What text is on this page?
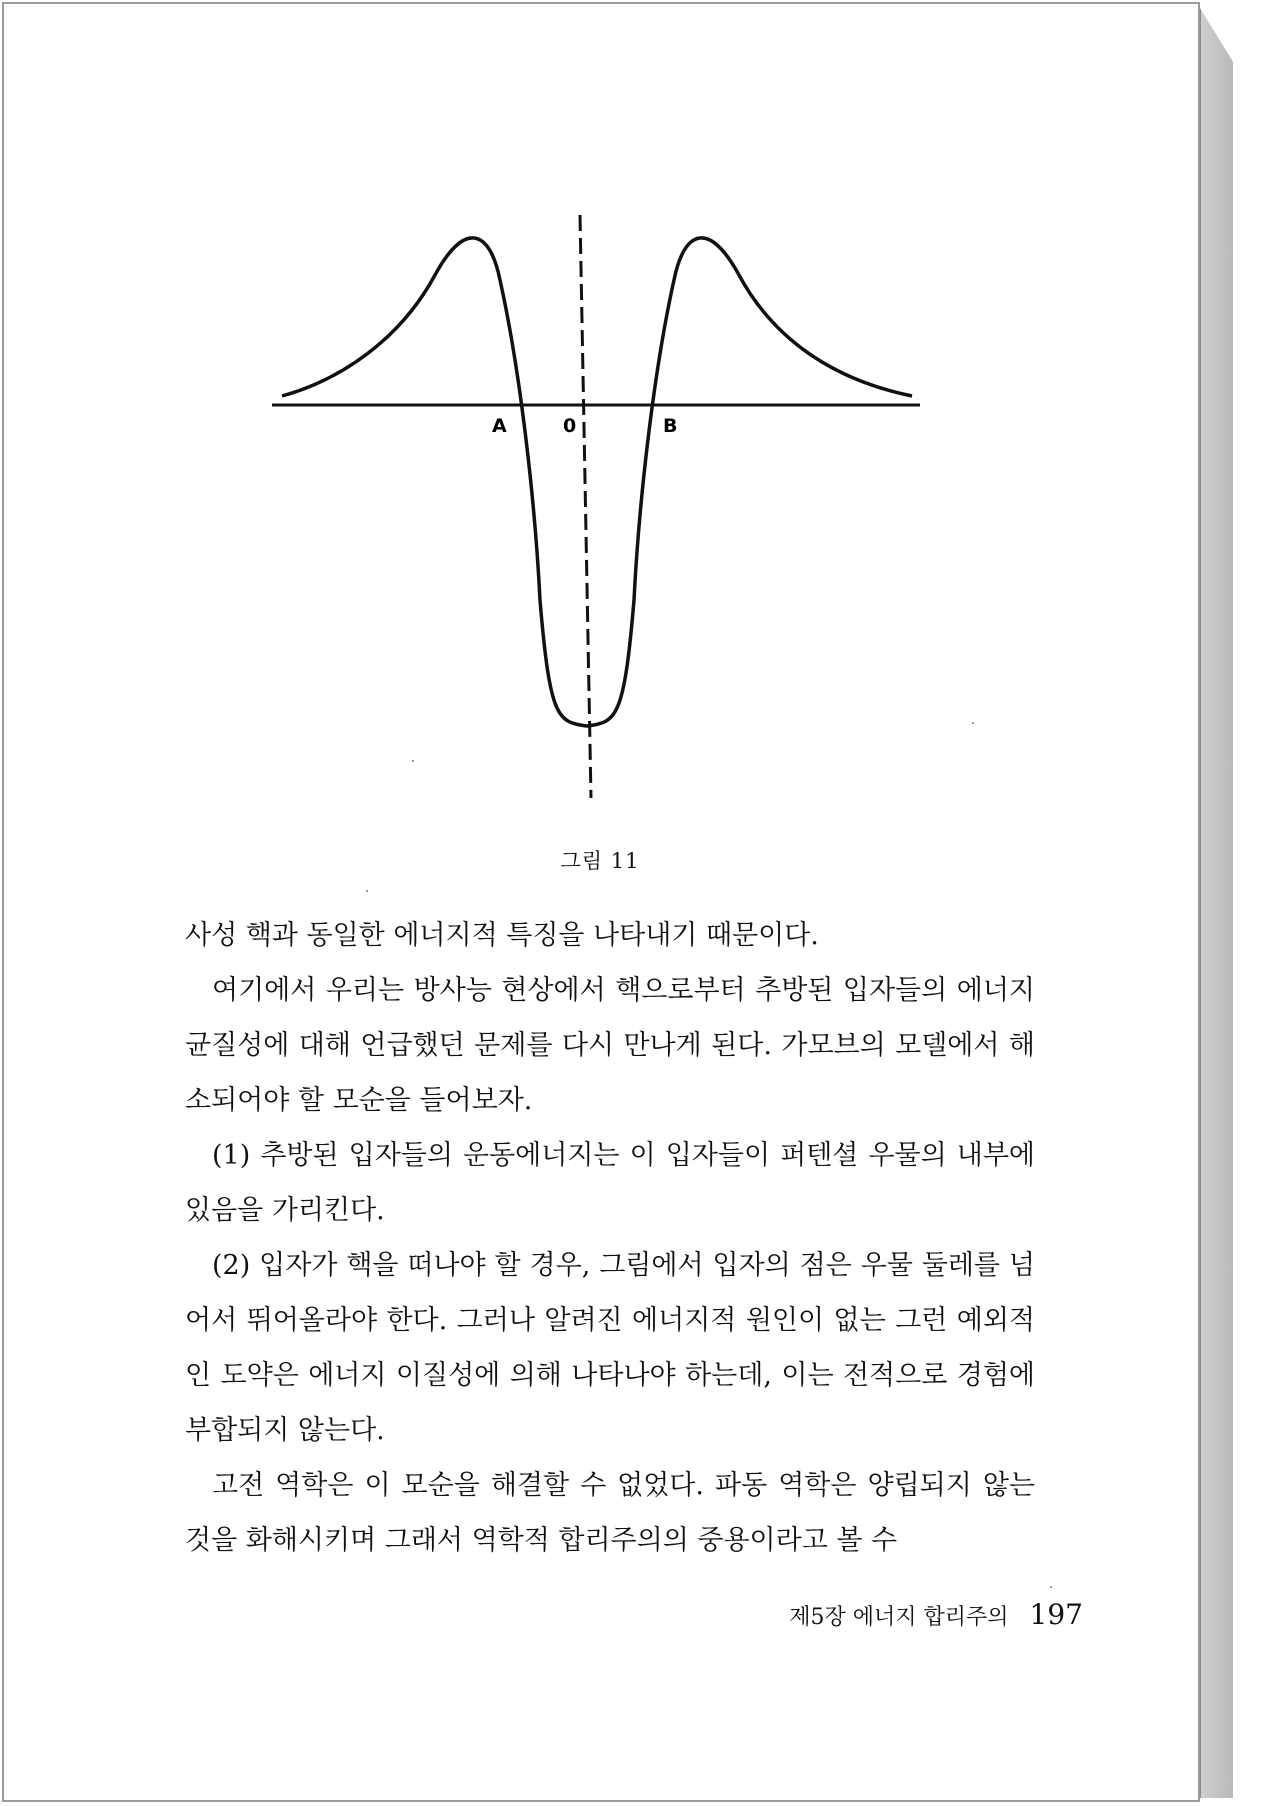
A	0	B
그림 11

사성 핵과 동일한 에너지적 특징을 나타내기 때문이다.

여기에서 우리는 방사능 현상에서 핵으로부터 추방된 입자들의 에너지 균질성에 대해 언급했던 문제를 다시 만나게 된다. 가모브의 모델에서 해소되어야 할 모순을 들어보자.

(1) 추방된 입자들의 운동에너지는 이 입자들이 퍼텐셜 우물의 내부에 있음을 가리킨다.

(2) 입자가 핵을 떠나야 할 경우, 그림에서 입자의 점은 우물 둘레를 넘어서 뛰어올라야 한다. 그러나 알려진 에너지적 원인이 없는 그런 예외적인 도약은 에너지 이질성에 의해 나타나야 하는데, 이는 전적으로 경험에 부합되지 않는다.

고전 역학은 이 모순을 해결할 수 없었다. 파동 역학은 양립되지 않는 것을 화해시키며 그래서 역학적 합리주의의 중용이라고 볼 수

제5장 에너지 합리주의 197
